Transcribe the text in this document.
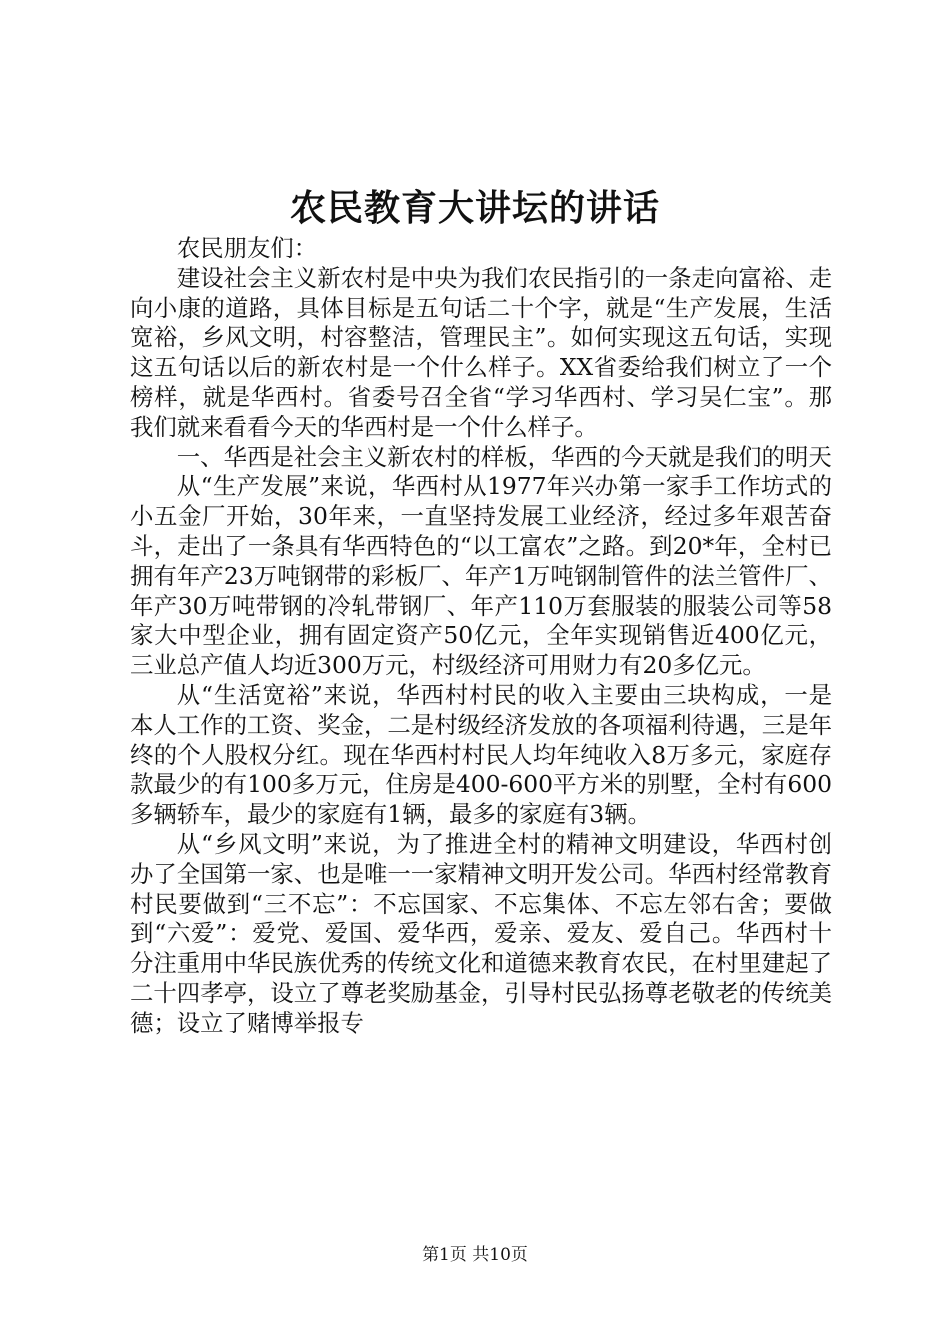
农民教育大讲坛的讲话

农民朋友们：

建设社会主义新农村是中央为我们农民指引的一条走向富裕、走向小康的道路，具体目标是五句话二十个字，就是“生产发展，生活宽裕，乡风文明，村容整洁，管理民主”。如何实现这五句话，实现这五句话以后的新农村是一个什么样子。XX省委给我们树立了一个榜样，就是华西村。省委号召全省“学习华西村、学习吴仁宝”。那我们就来看看今天的华西村是一个什么样子。

一、华西是社会主义新农村的样板，华西的今天就是我们的明天

从“生产发展”来说，华西村从1977年兴办第一家手工作坊式的小五金厂开始，30年来，一直坚持发展工业经济，经过多年艰苦奋斗，走出了一条具有华西特色的“以工富农”之路。到20*年，全村已拥有年产23万吨钢带的彩板厂、年产1万吨钢制管件的法兰管件厂、年产30万吨带钢的冷轧带钢厂、年产110万套服装的服装公司等58家大中型企业，拥有固定资产50亿元，全年实现销售近400亿元，三业总产值人均近300万元，村级经济可用财力有20多亿元。

从“生活宽裕”来说，华西村村民的收入主要由三块构成，一是本人工作的工资、奖金，二是村级经济发放的各项福利待遇，三是年终的个人股权分红。现在华西村村民人均年纯收入8万多元，家庭存款最少的有100多万元，住房是400-600平方米的别墅，全村有600多辆轿车，最少的家庭有1辆，最多的家庭有3辆。

从“乡风文明”来说，为了推进全村的精神文明建设，华西村创办了全国第一家、也是唯一一家精神文明开发公司。华西村经常教育村民要做到“三不忘”：不忘国家、不忘集体、不忘左邻右舍；要做到“六爱”：爱党、爱国、爱华西，爱亲、爱友、爱自己。华西村十分注重用中华民族优秀的传统文化和道德来教育农民，在村里建起了二十四孝亭，设立了尊老奖励基金，引导村民弘扬尊老敬老的传统美德；设立了赌博举报专

第1页 共10页
